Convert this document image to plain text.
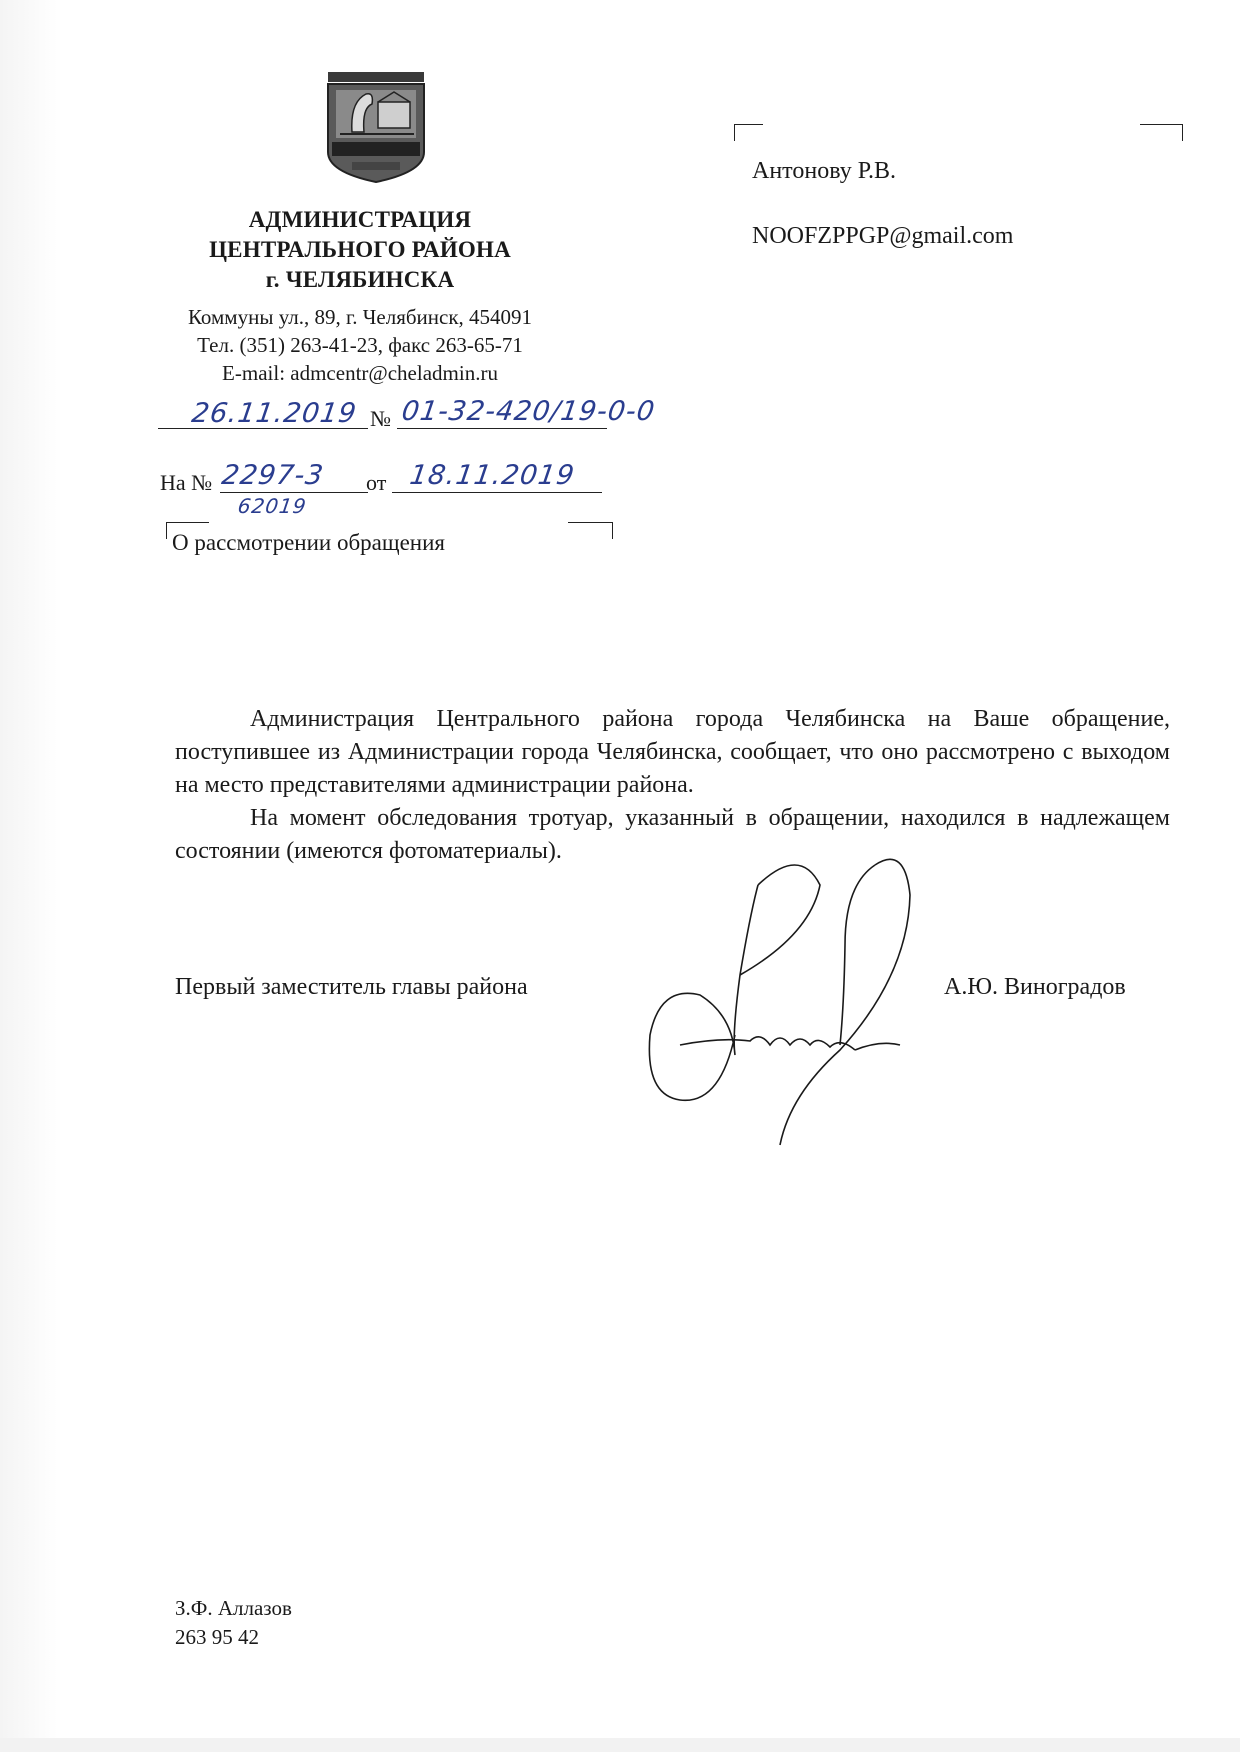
АДМИНИСТРАЦИЯ
ЦЕНТРАЛЬНОГО РАЙОНА
г. ЧЕЛЯБИНСКА
Коммуны ул., 89, г. Челябинск, 454091
Тел. (351) 263-41-23, факс 263-65-71
E-mail: admcentr@cheladmin.ru
26.11.2019 № 01-32-420/19-0-0
На № 2297-3
62019
от 18.11.2019
О рассмотрении обращения
Антонову Р.В.
NOOFZPPGP@gmail.com

Администрация Центрального района города Челябинска на Ваше обращение, поступившее из Администрации города Челябинска, сообщает, что оно рассмотрено с выходом на место представителями администрации района.

На момент обследования тротуар, указанный в обращении, находился в надлежащем состоянии (имеются фотоматериалы).

Первый заместитель главы района	А.Ю. Виноградов
З.Ф. Аллазов
263 95 42
